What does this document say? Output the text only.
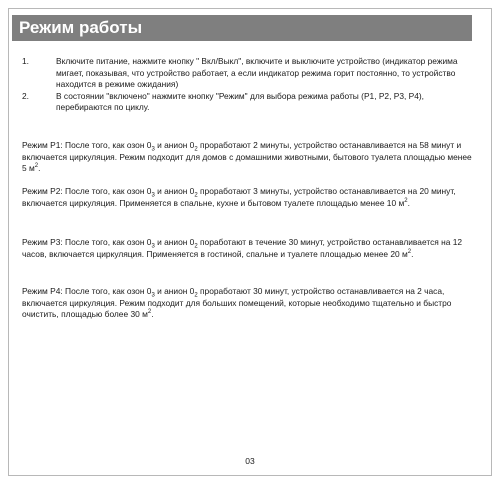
Режим работы
1.	Включите питание, нажмите кнопку " Вкл/Выкл", включите и выключите устройство (индикатор режима мигает, показывая, что устройство работает, а если индикатор режима горит постоянно, то устройство находится в режиме ожидания)
2.	В состоянии "включено" нажмите кнопку "Режим" для выбора режима работы (P1, P2, P3, P4), перебираются по циклу.
Режим P1: После того, как озон $0_3$ и анион $0_2$ проработают 2 минуты, устройство останавливается на 58 минут и включается циркуляция. Режим подходит для домов с домашними животными, бытового туалета площадью менее 5 $м^2$.
Режим P2: После того, как озон $0_3$ и анион $0_2$ проработают 3 минуты, устройство останавливается на 20 минут, включается циркуляция. Применяется в спальне, кухне и бытовом туалете площадью менее 10 $м^2$.
Режим P3: После того, как озон $0_3$ и анион $0_2$ поработают в течение 30 минут, устройство останавливается на 12 часов, включается циркуляция. Применяется в гостиной, спальне и туалете площадью менее 20 $м^2$.
Режим P4: После того, как озон $0_3$ и анион $0_2$ проработают 30 минут, устройство останавливается на 2 часа, включается циркуляция. Режим подходит для больших помещений, которые необходимо тщательно и быстро очистить, площадью более 30 $м^2$.
03
